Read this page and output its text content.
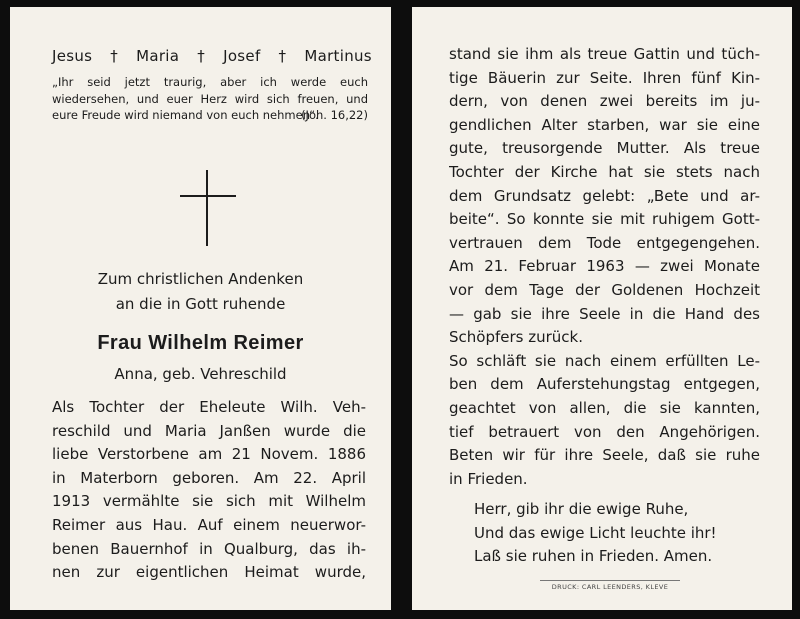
Jesus † Maria † Josef † Martinus
„Ihr seid jetzt traurig, aber ich werde euch wiedersehen, und euer Herz wird sich freuen, und eure Freude wird niemand von euch nehmen“.
(Joh. 16,22)
Zum christlichen Andenken
an die in Gott ruhende
Frau Wilhelm Reimer
Anna, geb. Vehreschild
Als Tochter der Eheleute Wilh. Veh-
reschild und Maria Janßen wurde die
liebe Verstorbene am 21 Novem. 1886
in Materborn geboren. Am 22. April
1913 vermählte sie sich mit Wilhelm
Reimer aus Hau. Auf einem neuerwor-
benen Bauernhof in Qualburg, das ih-
nen zur eigentlichen Heimat wurde,
stand sie ihm als treue Gattin und tüch-
tige Bäuerin zur Seite. Ihren fünf Kin-
dern, von denen zwei bereits im ju-
gendlichen Alter starben, war sie eine
gute, treusorgende Mutter. Als treue
Tochter der Kirche hat sie stets nach
dem Grundsatz gelebt: „Bete und ar-
beite“. So konnte sie mit ruhigem Gott-
vertrauen dem Tode entgegengehen.
Am 21. Februar 1963 — zwei Monate
vor dem Tage der Goldenen Hochzeit
— gab sie ihre Seele in die Hand des
Schöpfers zurück.
So schläft sie nach einem erfüllten Le-
ben dem Auferstehungstag entgegen,
geachtet von allen, die sie kannten,
tief betrauert von den Angehörigen.
Beten wir für ihre Seele, daß sie ruhe
in Frieden.
Herr, gib ihr die ewige Ruhe,
Und das ewige Licht leuchte ihr!
Laß sie ruhen in Frieden. Amen.
DRUCK: CARL LEENDERS, KLEVE
